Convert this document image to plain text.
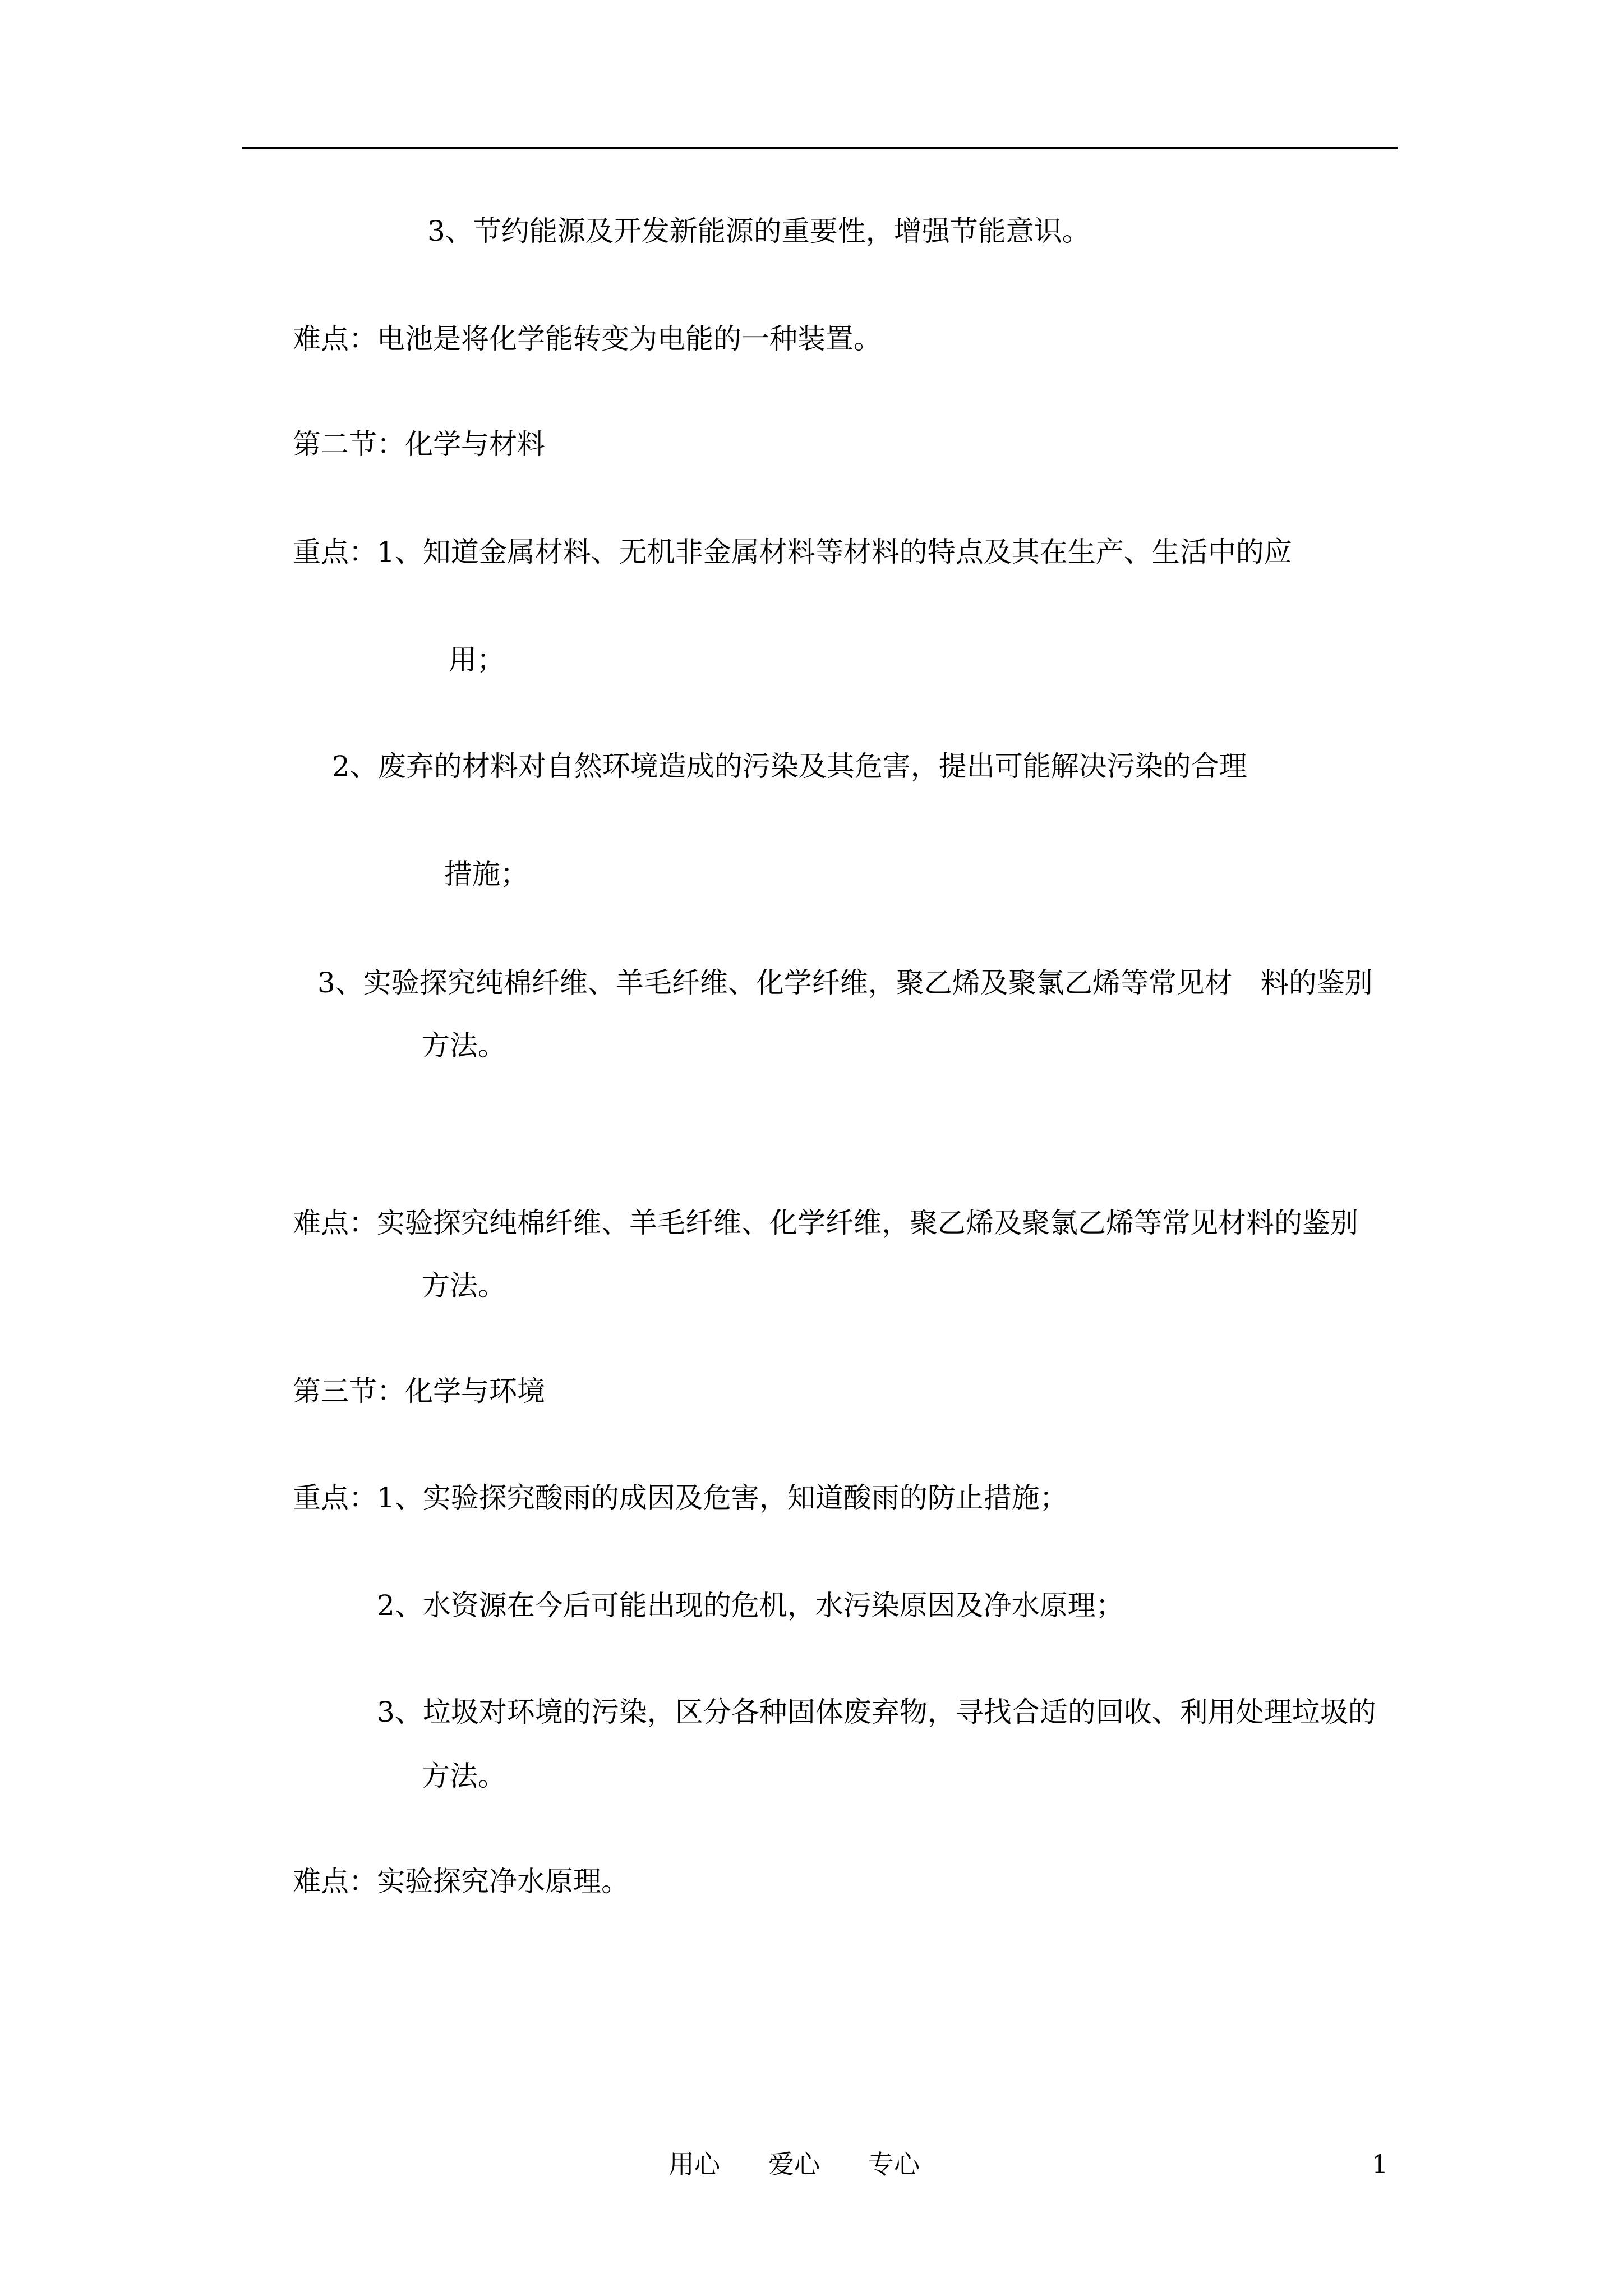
3、节约能源及开发新能源的重要性，增强节能意识。
难点：电池是将化学能转变为电能的一种装置。
第二节：化学与材料
重点：1、知道金属材料、无机非金属材料等材料的特点及其在生产、生活中的应
用；
2、废弃的材料对自然环境造成的污染及其危害，提出可能解决污染的合理
措施；
3、实验探究纯棉纤维、羊毛纤维、化学纤维，聚乙烯及聚氯乙烯等常见材　料的鉴别
方法。
难点：实验探究纯棉纤维、羊毛纤维、化学纤维，聚乙烯及聚氯乙烯等常见材料的鉴别
方法。
第三节：化学与环境
重点：1、实验探究酸雨的成因及危害，知道酸雨的防止措施；
2、水资源在今后可能出现的危机，水污染原因及净水原理；
3、垃圾对环境的污染，区分各种固体废弃物，寻找合适的回收、利用处理垃圾的
方法。
难点：实验探究净水原理。
用心 爱心 专心	1
